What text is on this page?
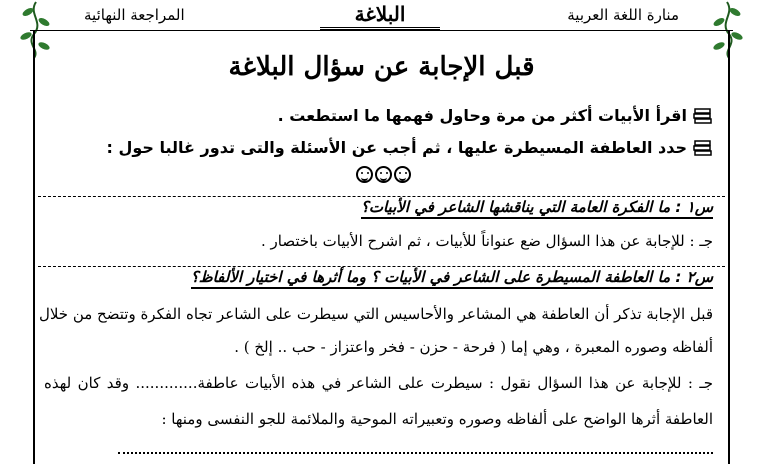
المراجعة النهائية	البلاغة	منارة اللغة العربية
قبل الإجابة عن سؤال البلاغة
اقرأ الأبيات أكثر من مرة وحاول فهمها ما استطعت .
حدد العاطفة المسيطرة عليها ، ثم أجب عن الأسئلة والتى تدور غالبا حول :
س١ : ما الفكرة العامة التي يناقشها الشاعر في الأبيات؟
جـ : للإجابة عن هذا السؤال ضع عنواناً للأبيات ، ثم اشرح الأبيات باختصار .
س٢ : ما العاطفة المسيطرة على الشاعر في الأبيات ؟ وما أثرها في اختيار الألفاظ؟
قبل الإجابة تذكر أن العاطفة هي المشاعر والأحاسيس التي سيطرت على الشاعر تجاه الفكرة وتتضح من خلال
ألفاظه وصوره المعبرة ، وهي إما ( فرحة - حزن - فخر واعتزاز - حب .. إلخ ) .
جـ : للإجابة عن هذا السؤال نقول : سيطرت على الشاعر في هذه الأبيات عاطفة............. وقد كان لهذه
العاطفة أثرها الواضح على ألفاظه وصوره وتعبيراته الموحية والملائمة للجو النفسى ومنها :
